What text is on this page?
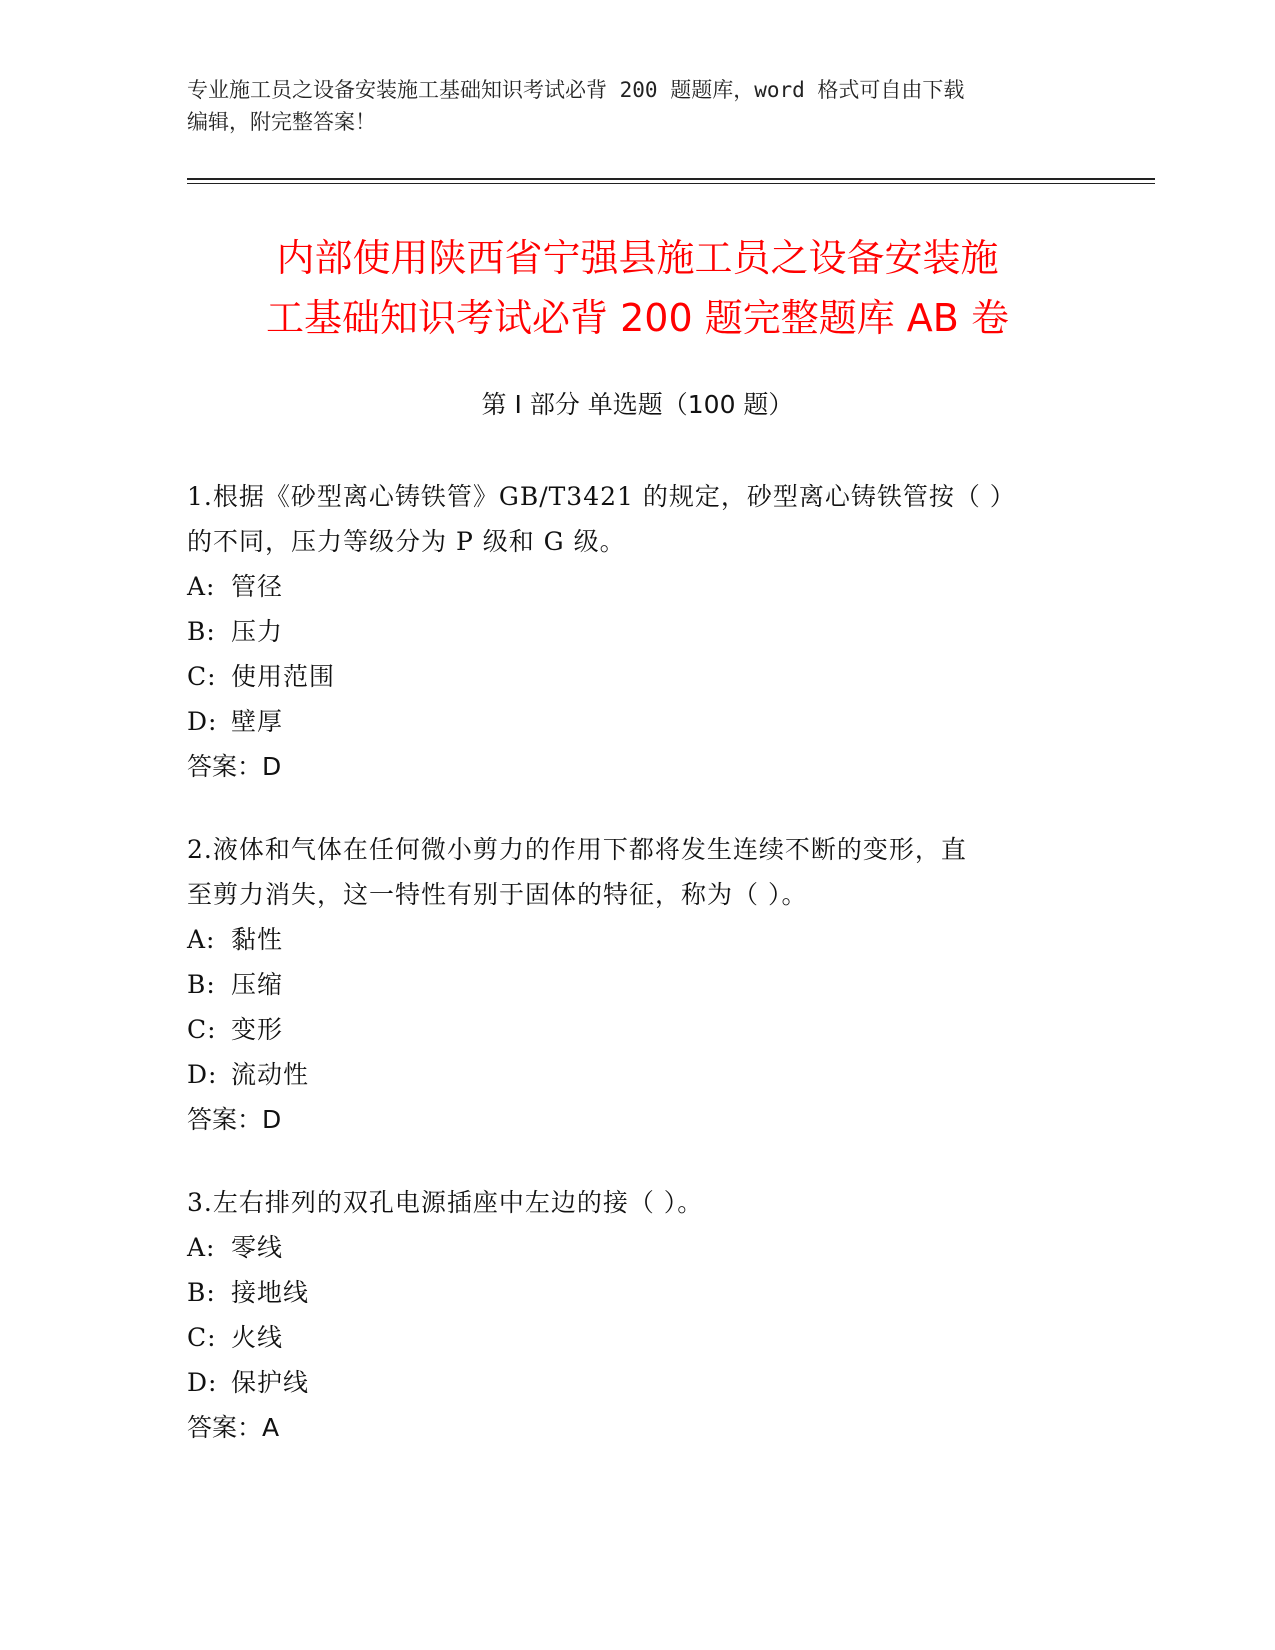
专业施工员之设备安装施工基础知识考试必背 200 题题库，word 格式可自由下载
编辑，附完整答案！
内部使用陕西省宁强县施工员之设备安装施
工基础知识考试必背 200 题完整题库 AB 卷
第 I 部分 单选题（100 题）

1.根据《砂型离心铸铁管》GB/T3421 的规定，砂型离心铸铁管按（ ）

的不同，压力等级分为 P 级和 G 级。

A: 管径
B: 压力
C: 使用范围
D: 壁厚
答案：D

2.液体和气体在任何微小剪力的作用下都将发生连续不断的变形，直

至剪力消失，这一特性有别于固体的特征，称为（ ）。

A: 黏性
B: 压缩
C: 变形
D: 流动性
答案：D

3.左右排列的双孔电源插座中左边的接（ ）。

A: 零线
B: 接地线
C: 火线
D: 保护线
答案：A
